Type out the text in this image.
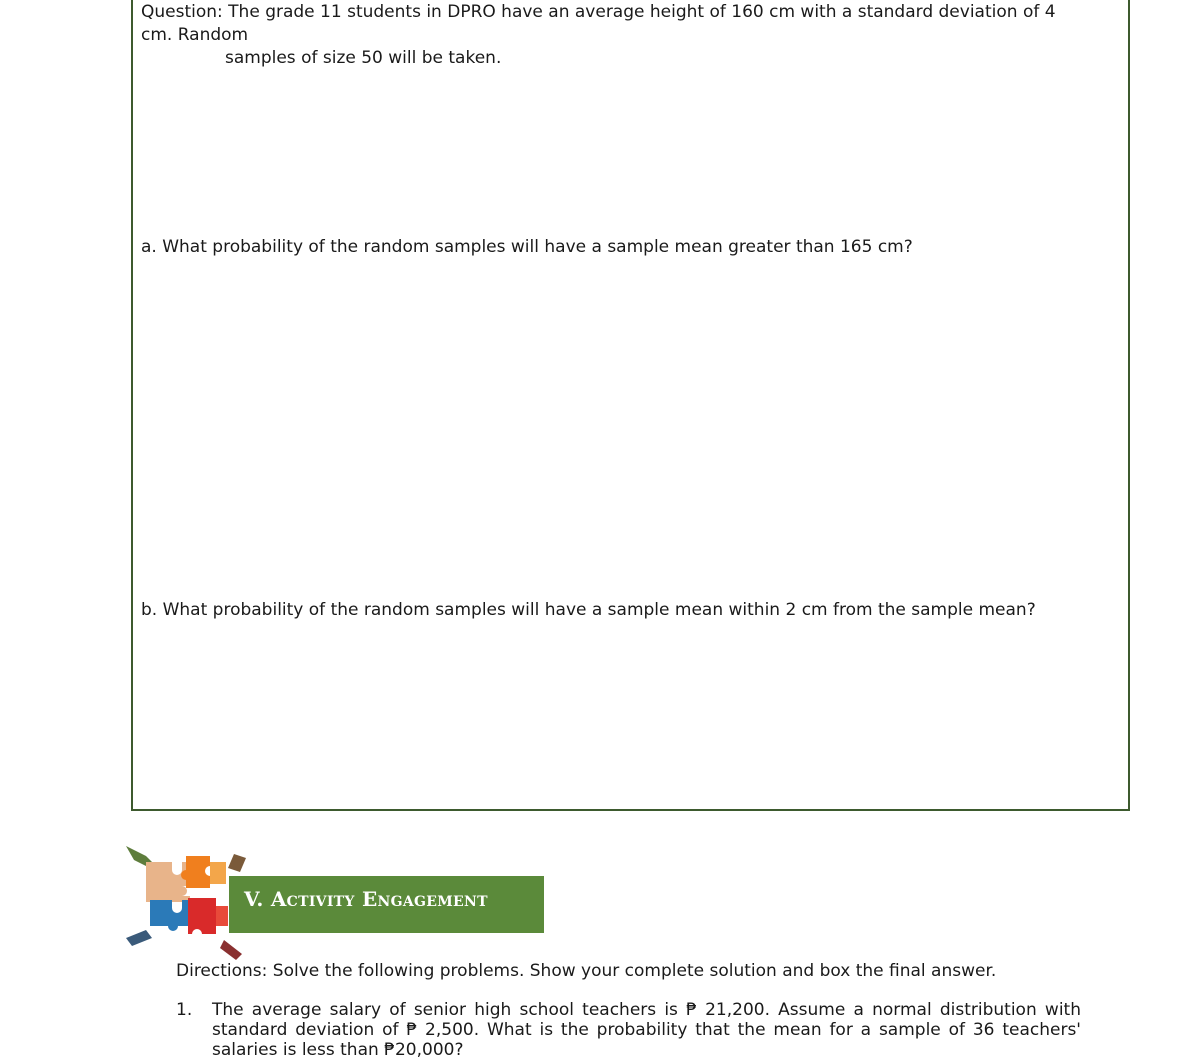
Question: The grade 11 students in DPRO have an average height of 160 cm with a standard deviation of 4 cm. Random
samples of size 50 will be taken.

a. What probability of the random samples will have a sample mean greater than 165 cm?

b. What probability of the random samples will have a sample mean within 2 cm from the sample mean?

V. Activity Engagement

Directions: Solve the following problems. Show your complete solution and box the final answer.

1. The average salary of senior high school teachers is ₱ 21,200. Assume a normal distribution with standard deviation of ₱ 2,500. What is the probability that the mean for a sample of 36 teachers' salaries is less than ₱20,000?
